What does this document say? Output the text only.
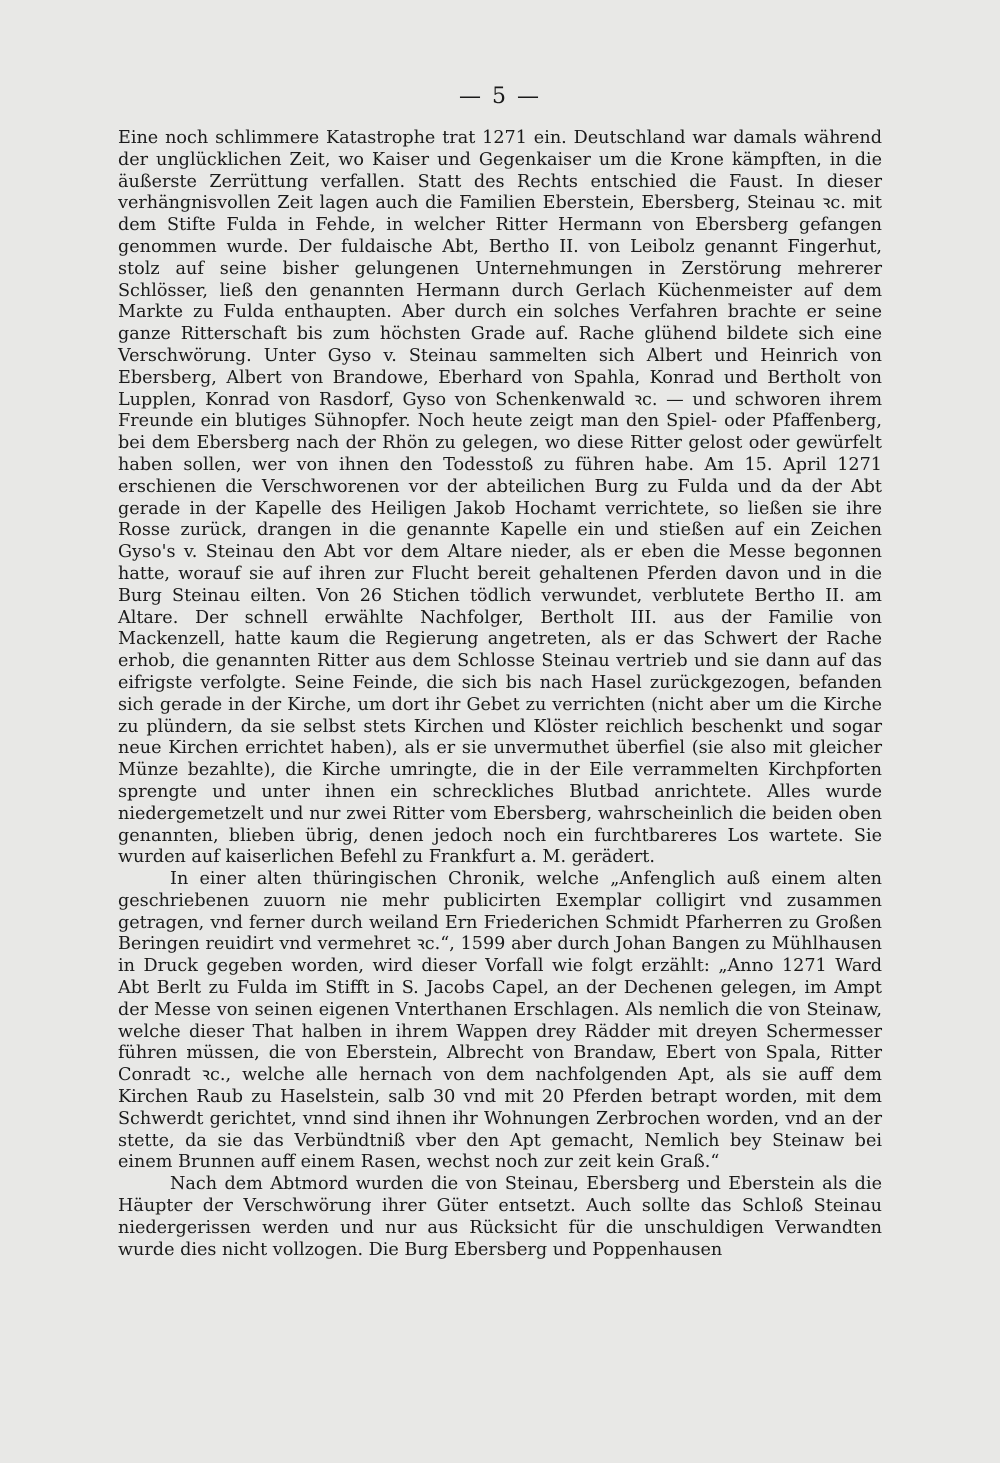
— 5 —

Eine noch schlimmere Katastrophe trat 1271 ein. Deutschland war damals während der unglücklichen Zeit, wo Kaiser und Gegenkaiser um die Krone kämpften, in die äußerste Zerrüttung verfallen. Statt des Rechts entschied die Faust. In dieser verhängnisvollen Zeit lagen auch die Familien Eberstein, Ebersberg, Steinau ꝛc. mit dem Stifte Fulda in Fehde, in welcher Ritter Hermann von Ebersberg gefangen genommen wurde. Der fuldaische Abt, Bertho II. von Leibolz genannt Fingerhut, stolz auf seine bisher gelungenen Unternehmungen in Zerstörung mehrerer Schlösser, ließ den genannten Hermann durch Gerlach Küchenmeister auf dem Markte zu Fulda enthaupten. Aber durch ein solches Verfahren brachte er seine ganze Ritterschaft bis zum höchsten Grade auf. Rache glühend bildete sich eine Verschwörung. Unter Gyso v. Steinau sammelten sich Albert und Heinrich von Ebersberg, Albert von Brandowe, Eberhard von Spahla, Konrad und Bertholt von Lupplen, Konrad von Rasdorf, Gyso von Schenkenwald ꝛc. — und schworen ihrem Freunde ein blutiges Sühnopfer. Noch heute zeigt man den Spiel- oder Pfaffenberg, bei dem Ebersberg nach der Rhön zu gelegen, wo diese Ritter gelost oder gewürfelt haben sollen, wer von ihnen den Todesstoß zu führen habe. Am 15. April 1271 erschienen die Verschworenen vor der abteilichen Burg zu Fulda und da der Abt gerade in der Kapelle des Heiligen Jakob Hochamt verrichtete, so ließen sie ihre Rosse zurück, drangen in die genannte Kapelle ein und stießen auf ein Zeichen Gyso's v. Steinau den Abt vor dem Altare nieder, als er eben die Messe begonnen hatte, worauf sie auf ihren zur Flucht bereit gehaltenen Pferden davon und in die Burg Steinau eilten. Von 26 Stichen tödlich verwundet, verblutete Bertho II. am Altare. Der schnell erwählte Nachfolger, Bertholt III. aus der Familie von Mackenzell, hatte kaum die Regierung angetreten, als er das Schwert der Rache erhob, die genannten Ritter aus dem Schlosse Steinau vertrieb und sie dann auf das eifrigste verfolgte. Seine Feinde, die sich bis nach Hasel zurückgezogen, befanden sich gerade in der Kirche, um dort ihr Gebet zu verrichten (nicht aber um die Kirche zu plündern, da sie selbst stets Kirchen und Klöster reichlich beschenkt und sogar neue Kirchen errichtet haben), als er sie unvermuthet überfiel (sie also mit gleicher Münze bezahlte), die Kirche umringte, die in der Eile verrammelten Kirchpforten sprengte und unter ihnen ein schreckliches Blutbad anrichtete. Alles wurde niedergemetzelt und nur zwei Ritter vom Ebersberg, wahrscheinlich die beiden oben genannten, blieben übrig, denen jedoch noch ein furchtbareres Los wartete. Sie wurden auf kaiserlichen Befehl zu Frankfurt a. M. gerädert.

In einer alten thüringischen Chronik, welche „Anfenglich auß einem alten geschriebenen zuuorn nie mehr publicirten Exemplar colligirt vnd zusammen getragen, vnd ferner durch weiland Ern Friederichen Schmidt Pfarherren zu Großen Beringen reuidirt vnd vermehret ꝛc.“, 1599 aber durch Johan Bangen zu Mühlhausen in Druck gegeben worden, wird dieser Vorfall wie folgt erzählt: „Anno 1271 Ward Abt Berlt zu Fulda im Stifft in S. Jacobs Capel, an der Dechenen gelegen, im Ampt der Messe von seinen eigenen Vnterthanen Erschlagen. Als nemlich die von Steinaw, welche dieser That halben in ihrem Wappen drey Rädder mit dreyen Schermesser führen müssen, die von Eberstein, Albrecht von Brandaw, Ebert von Spala, Ritter Conradt ꝛc., welche alle hernach von dem nachfolgenden Apt, als sie auff dem Kirchen Raub zu Haselstein, salb 30 vnd mit 20 Pferden betrapt worden, mit dem Schwerdt gerichtet, vnnd sind ihnen ihr Wohnungen Zerbrochen worden, vnd an der stette, da sie das Verbündtniß vber den Apt gemacht, Nemlich bey Steinaw bei einem Brunnen auff einem Rasen, wechst noch zur zeit kein Graß.“

Nach dem Abtmord wurden die von Steinau, Ebersberg und Eberstein als die Häupter der Verschwörung ihrer Güter entsetzt. Auch sollte das Schloß Steinau niedergerissen werden und nur aus Rücksicht für die unschuldigen Verwandten wurde dies nicht vollzogen. Die Burg Ebersberg und Poppenhausen
